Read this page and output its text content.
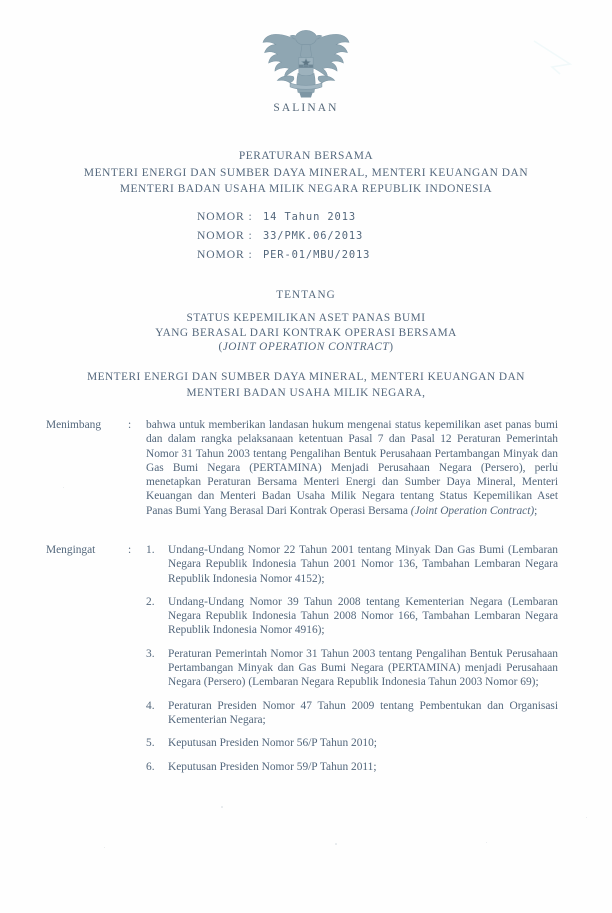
SALINAN
PERATURAN BERSAMA
MENTERI ENERGI DAN SUMBER DAYA MINERAL, MENTERI KEUANGAN DAN
MENTERI BADAN USAHA MILIK NEGARA REPUBLIK INDONESIA
NOMOR :	14 Tahun 2013
NOMOR :	33/PMK.06/2013
NOMOR :	PER-01/MBU/2013
TENTANG
STATUS KEPEMILIKAN ASET PANAS BUMI
YANG BERASAL DARI KONTRAK OPERASI BERSAMA
(JOINT OPERATION CONTRACT)
MENTERI ENERGI DAN SUMBER DAYA MINERAL, MENTERI KEUANGAN DAN
MENTERI BADAN USAHA MILIK NEGARA,
Menimbang	:	bahwa untuk memberikan landasan hukum mengenai status kepemilikan aset panas bumi dan dalam rangka pelaksanaan ketentuan Pasal 7 dan Pasal 12 Peraturan Pemerintah Nomor 31 Tahun 2003 tentang Pengalihan Bentuk Perusahaan Pertambangan Minyak dan Gas Bumi Negara (PERTAMINA) Menjadi Perusahaan Negara (Persero), perlu menetapkan Peraturan Bersama Menteri Energi dan Sumber Daya Mineral, Menteri Keuangan dan Menteri Badan Usaha Milik Negara tentang Status Kepemilikan Aset Panas Bumi Yang Berasal Dari Kontrak Operasi Bersama (Joint Operation Contract);

Mengingat	:	1.	Undang-Undang Nomor 22 Tahun 2001 tentang Minyak Dan Gas Bumi (Lembaran Negara Republik Indonesia Tahun 2001 Nomor 136, Tambahan Lembaran Negara Republik Indonesia Nomor 4152);
2.	Undang-Undang Nomor 39 Tahun 2008 tentang Kementerian Negara (Lembaran Negara Republik Indonesia Tahun 2008 Nomor 166, Tambahan Lembaran Negara Republik Indonesia Nomor 4916);
3.	Peraturan Pemerintah Nomor 31 Tahun 2003 tentang Pengalihan Bentuk Perusahaan Pertambangan Minyak dan Gas Bumi Negara (PERTAMINA) menjadi Perusahaan Negara (Persero) (Lembaran Negara Republik Indonesia Tahun 2003 Nomor 69);
4.	Peraturan Presiden Nomor 47 Tahun 2009 tentang Pembentukan dan Organisasi Kementerian Negara;
5.	Keputusan Presiden Nomor 56/P Tahun 2010;
6.	Keputusan Presiden Nomor 59/P Tahun 2011;
